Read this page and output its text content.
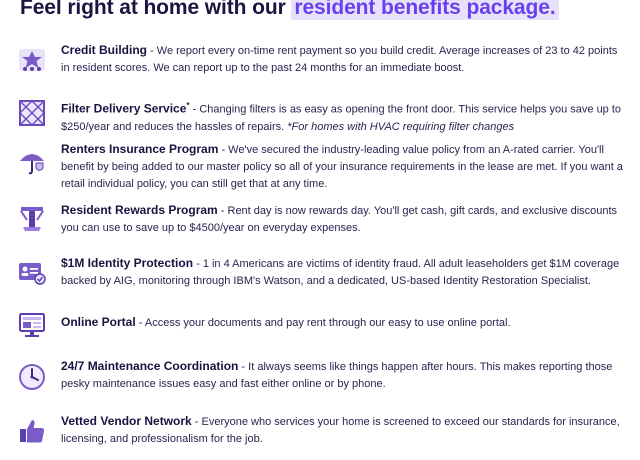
Feel right at home with our resident benefits package.
Credit Building - We report every on-time rent payment so you build credit. Average increases of 23 to 42 points in resident scores. We can report up to the past 24 months for an immediate boost.
Filter Delivery Service* - Changing filters is as easy as opening the front door. This service helps you save up to $250/year and reduces the hassles of repairs. *For homes with HVAC requiring filter changes
Renters Insurance Program - We've secured the industry-leading value policy from an A-rated carrier. You'll benefit by being added to our master policy so all of your insurance requirements in the lease are met. If you want a retail individual policy, you can still get that at any time.
Resident Rewards Program - Rent day is now rewards day. You'll get cash, gift cards, and exclusive discounts you can use to save up to $4500/year on everyday expenses.
$1M Identity Protection - 1 in 4 Americans are victims of identity fraud. All adult leaseholders get $1M coverage backed by AIG, monitoring through IBM's Watson, and a dedicated, US-based Identity Restoration Specialist.
Online Portal - Access your documents and pay rent through our easy to use online portal.
24/7 Maintenance Coordination - It always seems like things happen after hours. This makes reporting those pesky maintenance issues easy and fast either online or by phone.
Vetted Vendor Network - Everyone who services your home is screened to exceed our standards for insurance, licensing, and professionalism for the job.
